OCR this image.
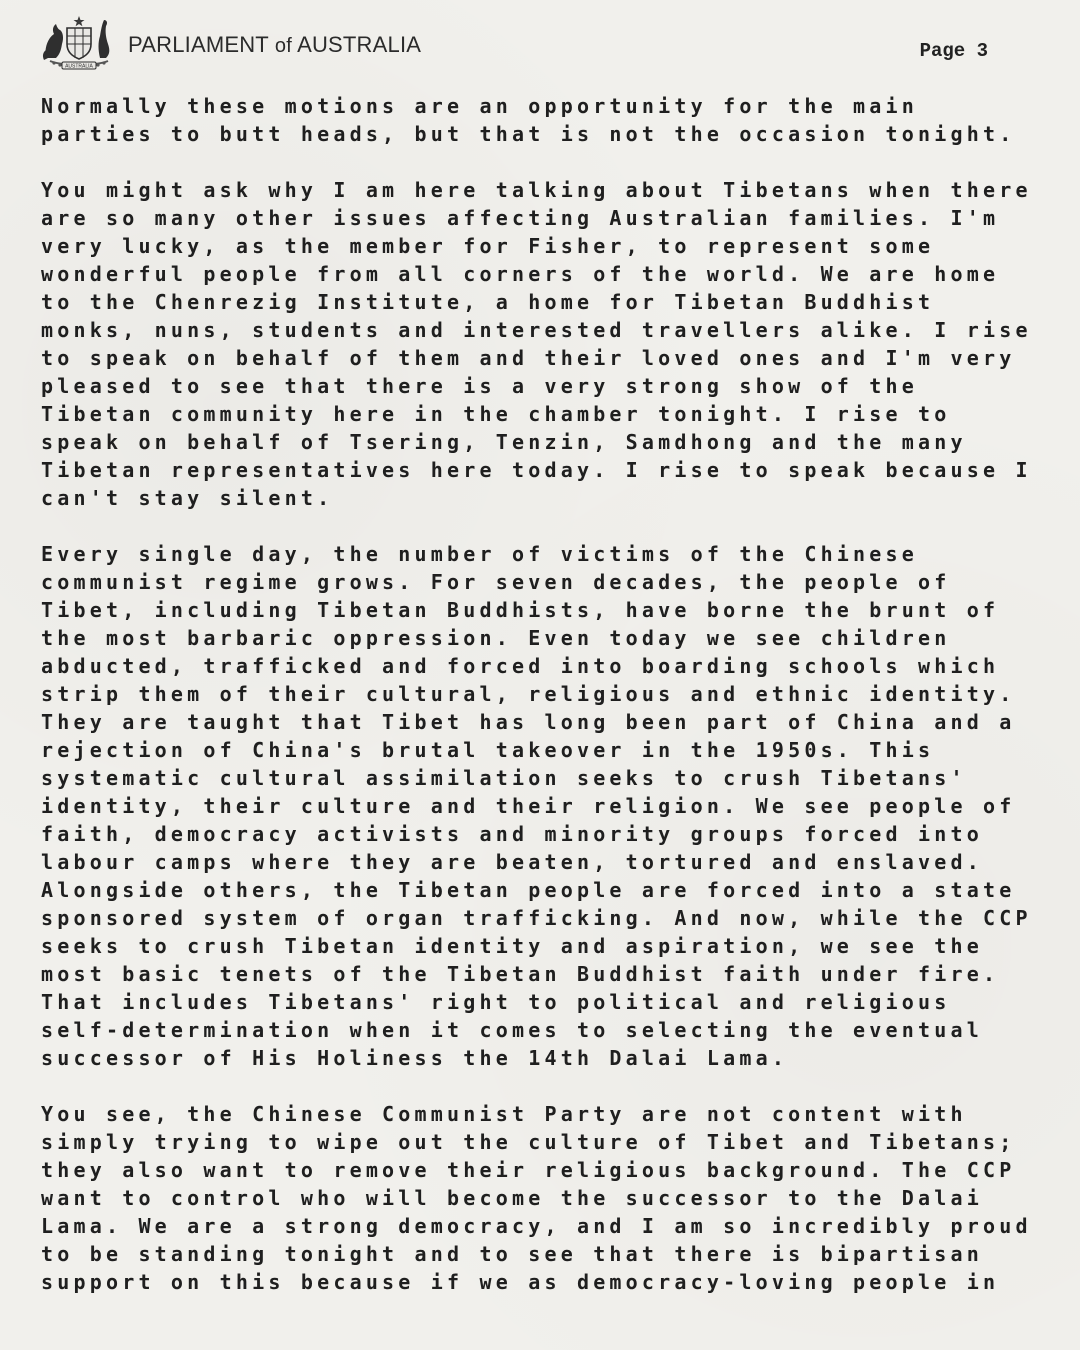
AUSTRALIA
PARLIAMENT of AUSTRALIA	Page 3

Normally these motions are an opportunity for the main
parties to butt heads, but that is not the occasion tonight.

You might ask why I am here talking about Tibetans when there
are so many other issues affecting Australian families. I'm
very lucky, as the member for Fisher, to represent some
wonderful people from all corners of the world. We are home
to the Chenrezig Institute, a home for Tibetan Buddhist
monks, nuns, students and interested travellers alike. I rise
to speak on behalf of them and their loved ones and I'm very
pleased to see that there is a very strong show of the
Tibetan community here in the chamber tonight. I rise to
speak on behalf of Tsering, Tenzin, Samdhong and the many
Tibetan representatives here today. I rise to speak because I
can't stay silent.

Every single day, the number of victims of the Chinese
communist regime grows. For seven decades, the people of
Tibet, including Tibetan Buddhists, have borne the brunt of
the most barbaric oppression. Even today we see children
abducted, trafficked and forced into boarding schools which
strip them of their cultural, religious and ethnic identity.
They are taught that Tibet has long been part of China and a
rejection of China's brutal takeover in the 1950s. This
systematic cultural assimilation seeks to crush Tibetans'
identity, their culture and their religion. We see people of
faith, democracy activists and minority groups forced into
labour camps where they are beaten, tortured and enslaved.
Alongside others, the Tibetan people are forced into a state
sponsored system of organ trafficking. And now, while the CCP
seeks to crush Tibetan identity and aspiration, we see the
most basic tenets of the Tibetan Buddhist faith under fire.
That includes Tibetans' right to political and religious
self-determination when it comes to selecting the eventual
successor of His Holiness the 14th Dalai Lama.

You see, the Chinese Communist Party are not content with
simply trying to wipe out the culture of Tibet and Tibetans;
they also want to remove their religious background. The CCP
want to control who will become the successor to the Dalai
Lama. We are a strong democracy, and I am so incredibly proud
to be standing tonight and to see that there is bipartisan
support on this because if we as democracy-loving people in
